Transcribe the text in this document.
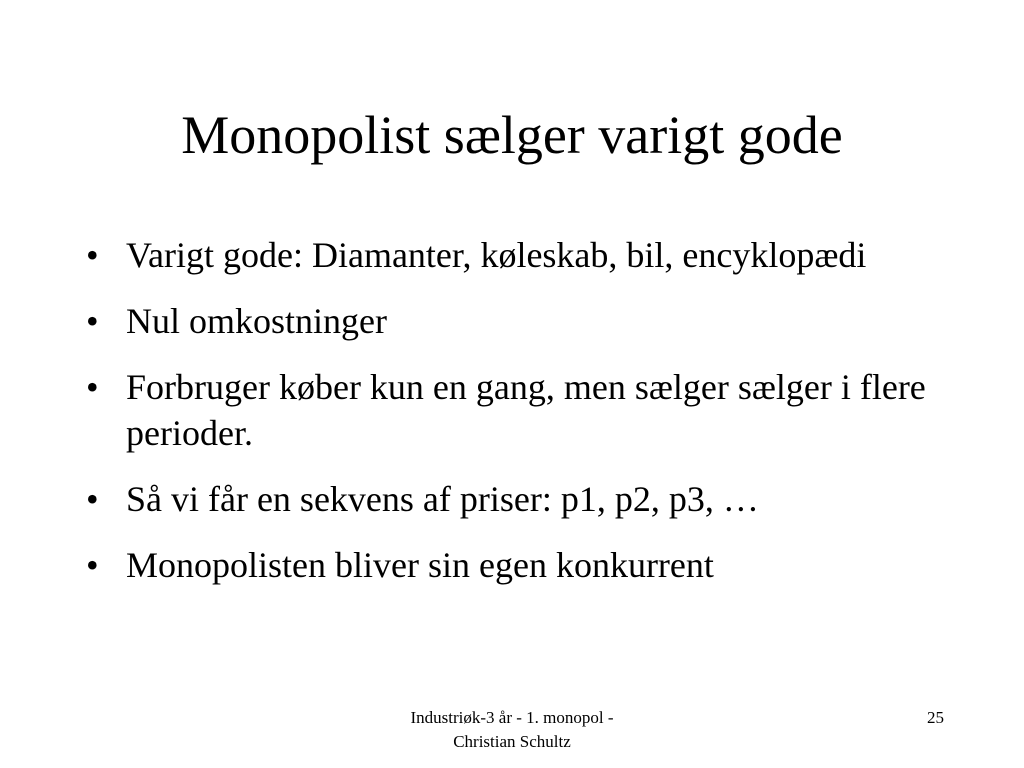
Monopolist sælger varigt gode
• Varigt gode: Diamanter, køleskab, bil, encyklopædi
• Nul omkostninger
• Forbruger køber kun en gang, men sælger sælger i flere perioder.
• Så vi får en sekvens af priser: p1, p2, p3, …
• Monopolisten bliver sin egen konkurrent
Industriøk-3 år - 1. monopol -
Christian Schultz
25
